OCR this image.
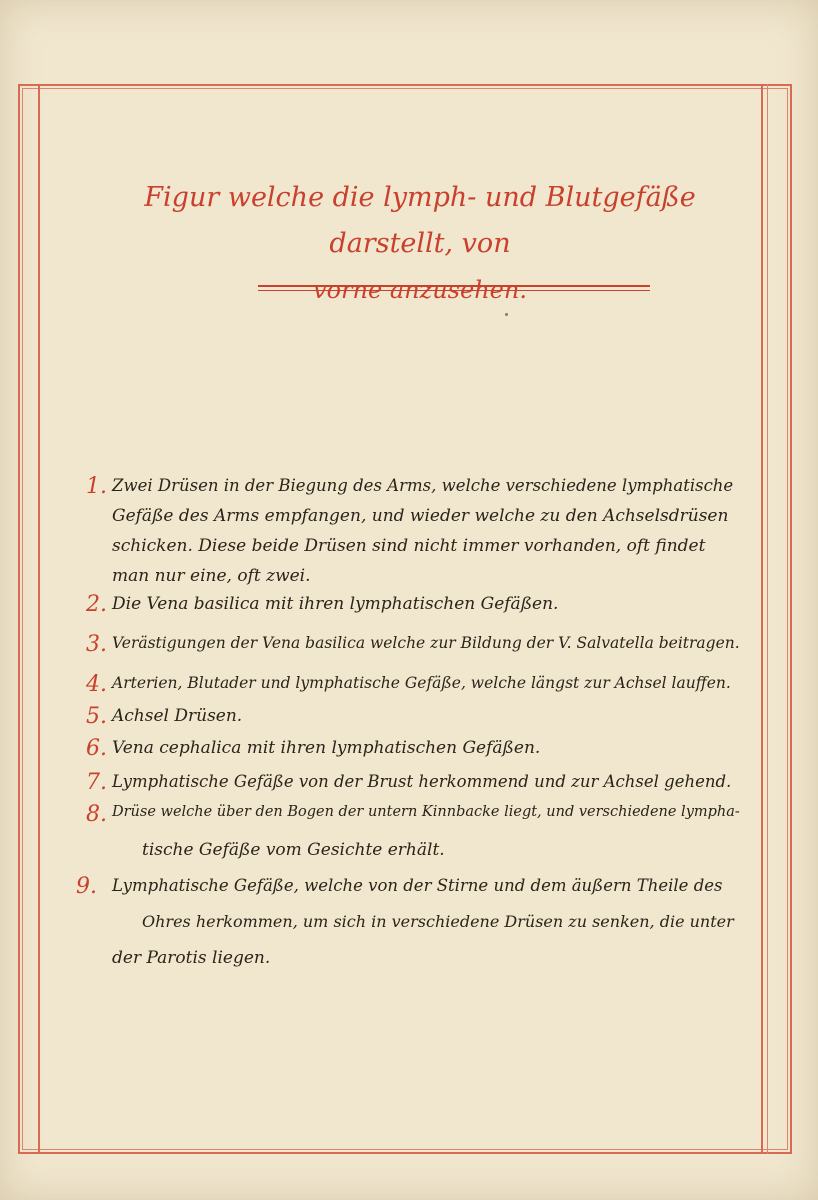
Figur welche die lymph- und Blutgefäße darstellt, von
vorne anzusehen.
1. Zwei Drüsen in der Biegung des Arms, welche verschiedene lymphatische
Gefäße des Arms empfangen, und wieder welche zu den Achselsdrüsen
schicken. Diese beide Drüsen sind nicht immer vorhanden, oft findet
man nur eine, oft zwei.
2. Die Vena basilica mit ihren lymphatischen Gefäßen.
3. Verästigungen der Vena basilica welche zur Bildung der V. Salvatella beitragen.
4. Arterien, Blutader und lymphatische Gefäße, welche längst zur Achsel lauffen.
5. Achsel Drüsen.
6. Vena cephalica mit ihren lymphatischen Gefäßen.
7. Lymphatische Gefäße von der Brust herkommend und zur Achsel gehend.
8. Drüse welche über den Bogen der untern Kinnbacke liegt, und verschiedene lympha-
tische Gefäße vom Gesichte erhält.
9. Lymphatische Gefäße, welche von der Stirne und dem äußern Theile des
Ohres herkommen, um sich in verschiedene Drüsen zu senken, die unter
der Parotis liegen.
